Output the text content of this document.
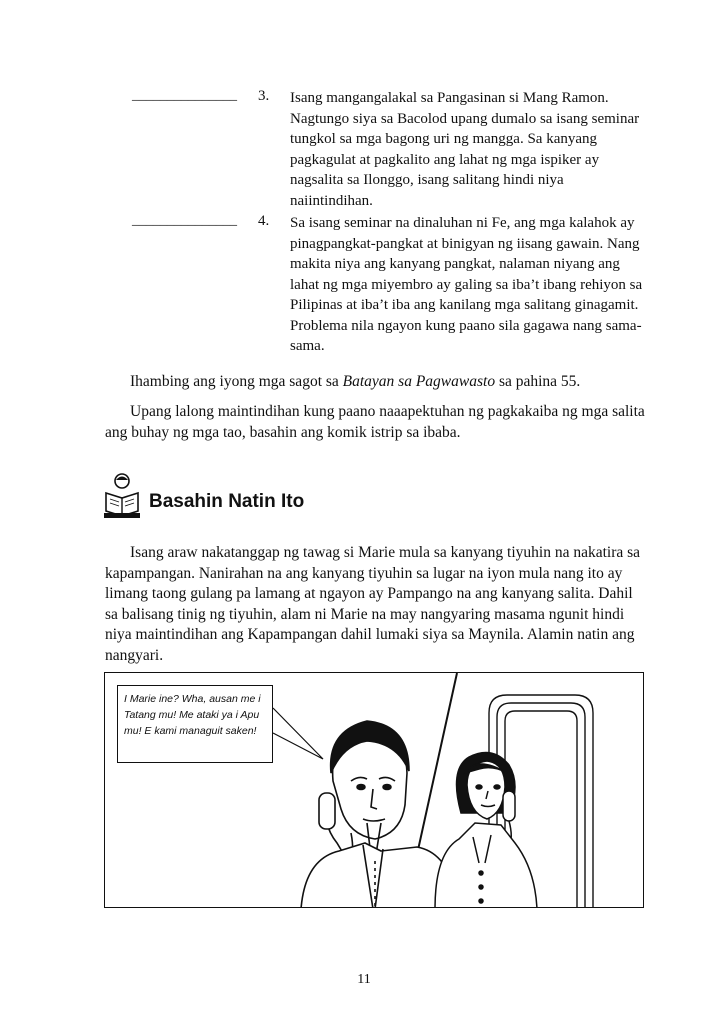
_______________ 3. Isang mangangalakal sa Pangasinan si Mang Ramon. Nagtungo siya sa Bacolod upang dumalo sa isang seminar tungkol sa mga bagong uri ng mangga. Sa kanyang pagkagulat at pagkalito ang lahat ng mga ispiker ay nagsalita sa Ilonggo, isang salitang hindi niya naiintindihan.
_______________ 4. Sa isang seminar na dinaluhan ni Fe, ang mga kalahok ay pinagpangkat-pangkat at binigyan ng iisang gawain. Nang makita niya ang kanyang pangkat, nalaman niyang ang lahat ng mga miyembro ay galing sa iba’t ibang rehiyon sa Pilipinas at iba’t iba ang kanilang mga salitang ginagamit. Problema nila ngayon kung paano sila gagawa nang sama-sama.

Ihambing ang iyong mga sagot sa Batayan sa Pagwawasto sa pahina 55.

Upang lalong maintindihan kung paano naaapektuhan ng pagkakaiba ng mga salita ang buhay ng mga tao, basahin ang komik istrip sa ibaba.

Basahin Natin Ito

Isang araw nakatanggap ng tawag si Marie mula sa kanyang tiyuhin na nakatira sa kapampangan. Nanirahan na ang kanyang tiyuhin sa lugar na iyon mula nang ito ay limang taong gulang pa lamang at ngayon ay Pampango na ang kanyang salita. Dahil sa balisang tinig ng tiyuhin, alam ni Marie na may nangyaring masama ngunit hindi niya maintindihan ang Kapampangan dahil lumaki siya sa Maynila. Alamin natin ang nangyari.

I Marie ine? Wha, ausan me i Tatang mu! Me ataki ya i Apu mu! E kami managuit saken!
11
